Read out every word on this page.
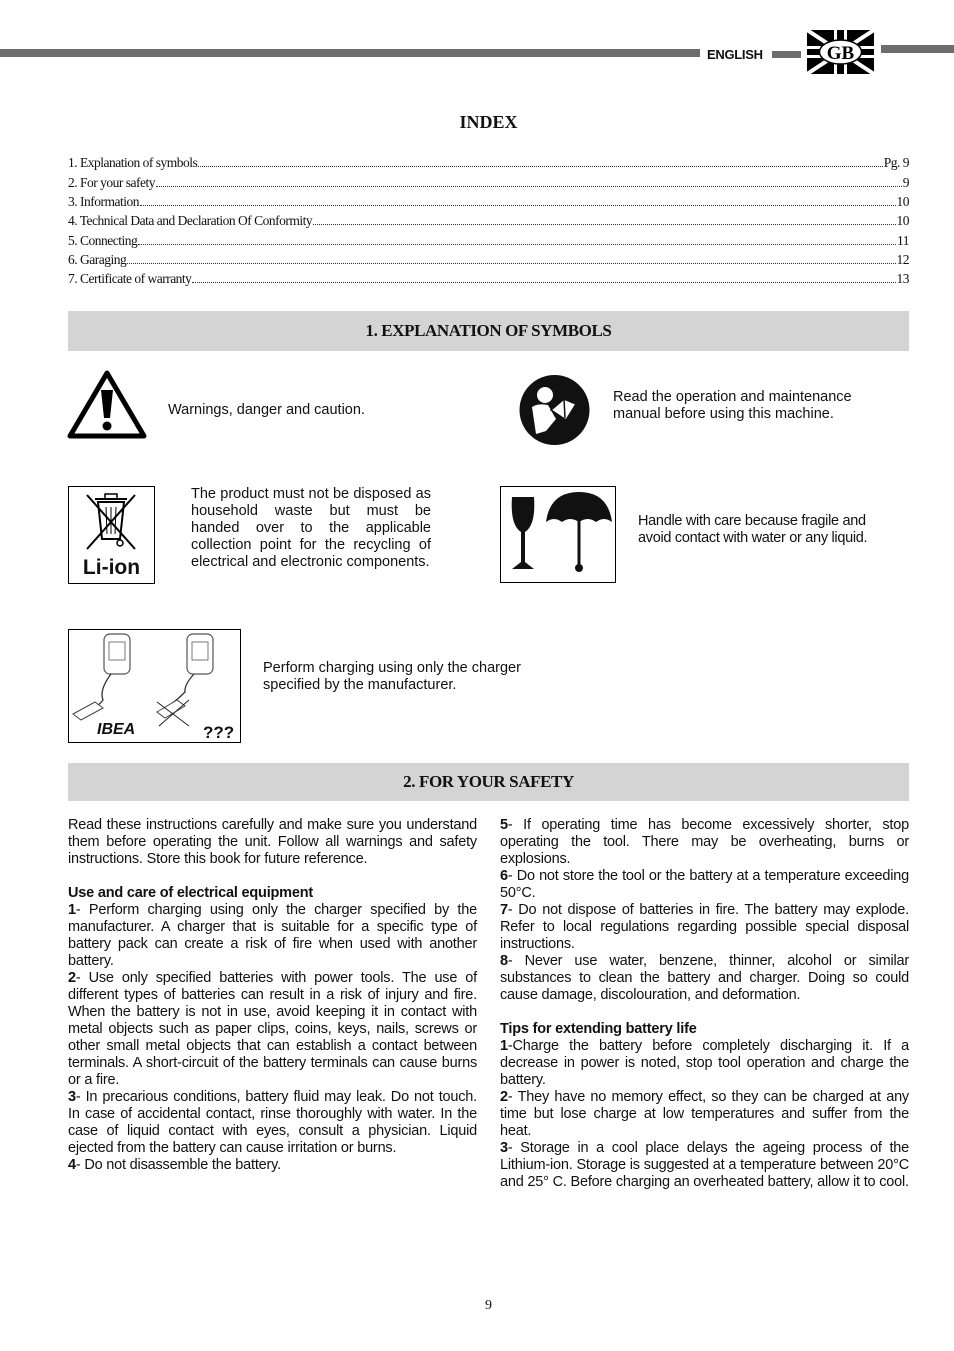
ENGLISH	GB
INDEX
1. Explanation of symbols	Pg. 9
2. For your safety	9
3. Information	10
4. Technical Data and Declaration Of Conformity	10
5. Connecting	11
6. Garaging	12
7. Certificate of warranty	13
1. EXPLANATION OF SYMBOLS
Warnings, danger and caution.
Read the operation and maintenance manual before using this machine.
Li-ion
The product must not be disposed as household waste but must be handed over to the applicable collection point for the recycling of electrical and electronic components.
Handle with care because fragile and avoid contact with water or any liquid.
IBEA	???
Perform charging using only the charger specified by the manufacturer.
2. FOR YOUR SAFETY

Read these instructions carefully and make sure you understand them before operating the unit. Follow all warnings and safety instructions. Store this book for future reference.

Use and care of electrical equipment

1- Perform charging using only the charger specified by the manufacturer. A charger that is suitable for a specific type of battery pack can create a risk of fire when used with another battery.

2- Use only specified batteries with power tools. The use of different types of batteries can result in a risk of injury and fire. When the battery is not in use, avoid keeping it in contact with metal objects such as paper clips, coins, keys, nails, screws or other small metal objects that can establish a contact between terminals. A short-circuit of the battery terminals can cause burns or a fire.

3- In precarious conditions, battery fluid may leak. Do not touch. In case of accidental contact, rinse thoroughly with water. In the case of liquid contact with eyes, consult a physician. Liquid ejected from the battery can cause irritation or burns.

4- Do not disassemble the battery.

5- If operating time has become excessively shorter, stop operating the tool. There may be overheating, burns or explosions.

6- Do not store the tool or the battery at a temperature exceeding 50°C.

7- Do not dispose of batteries in fire. The battery may explode. Refer to local regulations regarding possible special disposal instructions.

8- Never use water, benzene, thinner, alcohol or similar substances to clean the battery and charger. Doing so could cause damage, discolouration, and deformation.

Tips for extending battery life

1-Charge the battery before completely discharging it. If a decrease in power is noted, stop tool operation and charge the battery.

2- They have no memory effect, so they can be charged at any time but lose charge at low temperatures and suffer from the heat.

3- Storage in a cool place delays the ageing process of the Lithium-ion. Storage is suggested at a temperature between 20°C and 25° C. Before charging an overheated battery, allow it to cool.

9
